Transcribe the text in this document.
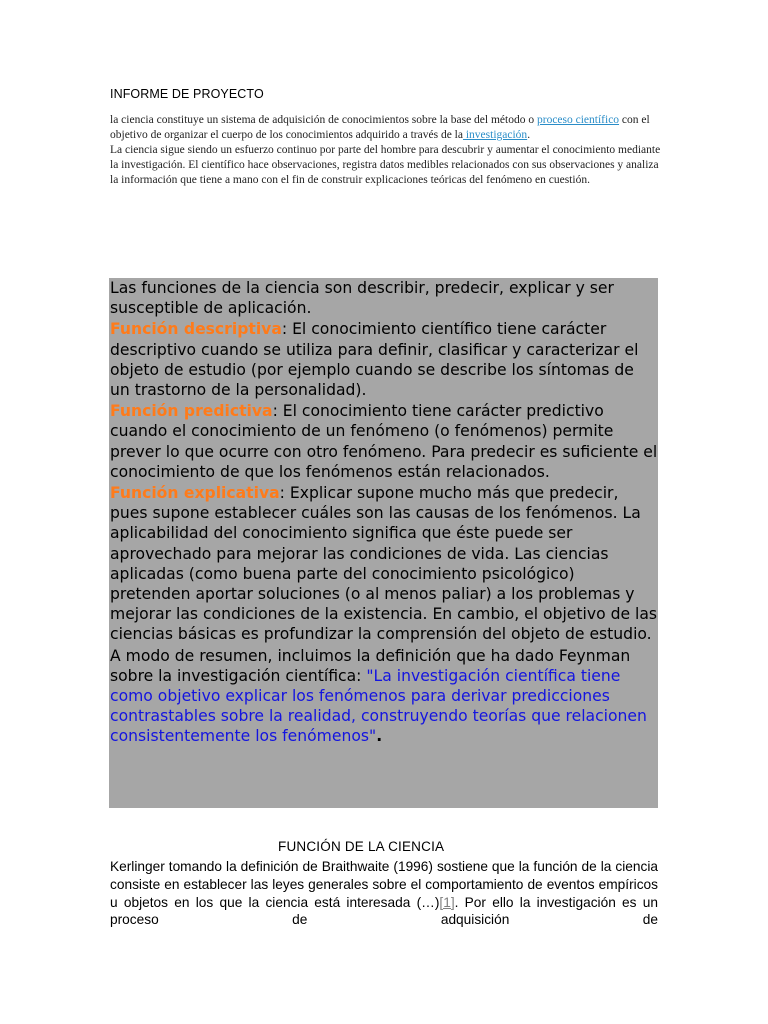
INFORME DE PROYECTO

la ciencia constituye un sistema de adquisición de conocimientos sobre la base del método o proceso científico con el objetivo de organizar el cuerpo de los conocimientos adquirido a través de la investigación.

La ciencia sigue siendo un esfuerzo continuo por parte del hombre para descubrir y aumentar el conocimiento mediante la investigación. El científico hace observaciones, registra datos medibles relacionados con sus observaciones y analiza la información que tiene a mano con el fin de construir explicaciones teóricas del fenómeno en cuestión.

Las funciones de la ciencia son describir, predecir, explicar y ser susceptible de aplicación.

Función descriptiva: El conocimiento científico tiene carácter descriptivo cuando se utiliza para definir, clasificar y caracterizar el objeto de estudio (por ejemplo cuando se describe los síntomas de un trastorno de la personalidad).

Función predictiva: El conocimiento tiene carácter predictivo cuando el conocimiento de un fenómeno (o fenómenos) permite prever lo que ocurre con otro fenómeno. Para predecir es suficiente el conocimiento de que los fenómenos están relacionados.

Función explicativa: Explicar supone mucho más que predecir, pues supone establecer cuáles son las causas de los fenómenos. La aplicabilidad del conocimiento significa que éste puede ser aprovechado para mejorar las condiciones de vida. Las ciencias aplicadas (como buena parte del conocimiento psicológico) pretenden aportar soluciones (o al menos paliar) a los problemas y mejorar las condiciones de la existencia. En cambio, el objetivo de las ciencias básicas es profundizar la comprensión del objeto de estudio.

A modo de resumen, incluimos la definición que ha dado Feynman sobre la investigación científica: "La investigación científica tiene como objetivo explicar los fenómenos para derivar predicciones contrastables sobre la realidad, construyendo teorías que relacionen consistentemente los fenómenos".

FUNCIÓN DE LA CIENCIA
Kerlinger tomando la definición de Braithwaite (1996) sostiene que la función de la ciencia consiste en establecer las leyes generales sobre el comportamiento de eventos empíricos u objetos en los que la ciencia está interesada (…)[1]. Por ello la investigación es un proceso de adquisición de
